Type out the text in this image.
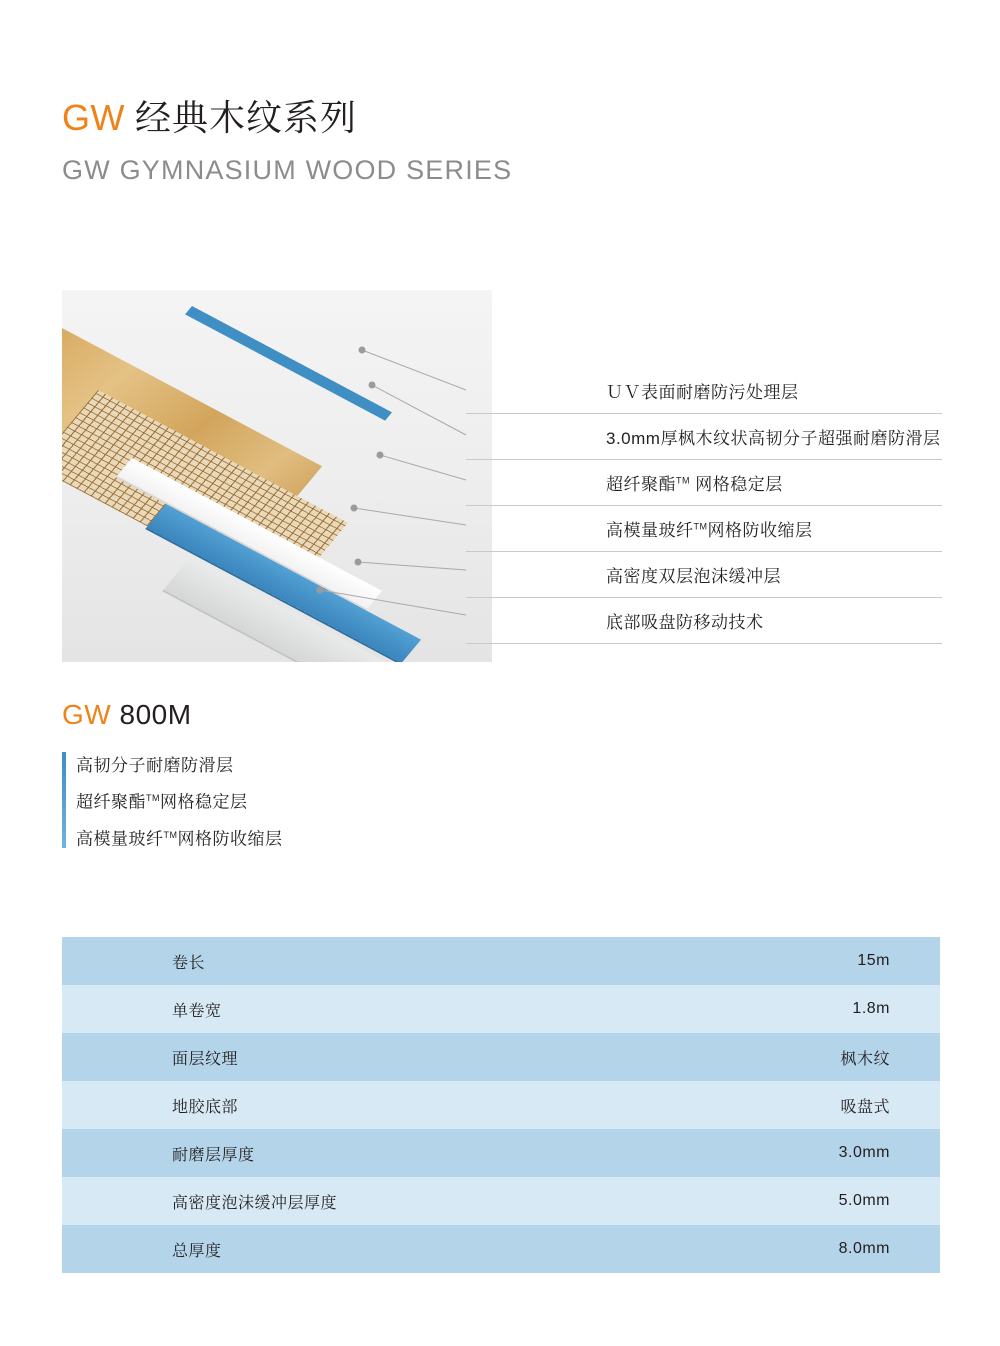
GW 经典木纹系列
GW GYMNASIUM WOOD SERIES
ＵＶ表面耐磨防污处理层
3.0mm厚枫木纹状高韧分子超强耐磨防滑层
超纤聚酯™ 网格稳定层
高模量玻纤™网格防收缩层
高密度双层泡沫缓冲层
底部吸盘防移动技术
GW 800M
高韧分子耐磨防滑层
超纤聚酯™网格稳定层
高模量玻纤™网格防收缩层
卷长	15m
单卷宽	1.8m
面层纹理	枫木纹
地胶底部	吸盘式
耐磨层厚度	3.0mm
高密度泡沫缓冲层厚度	5.0mm
总厚度	8.0mm
